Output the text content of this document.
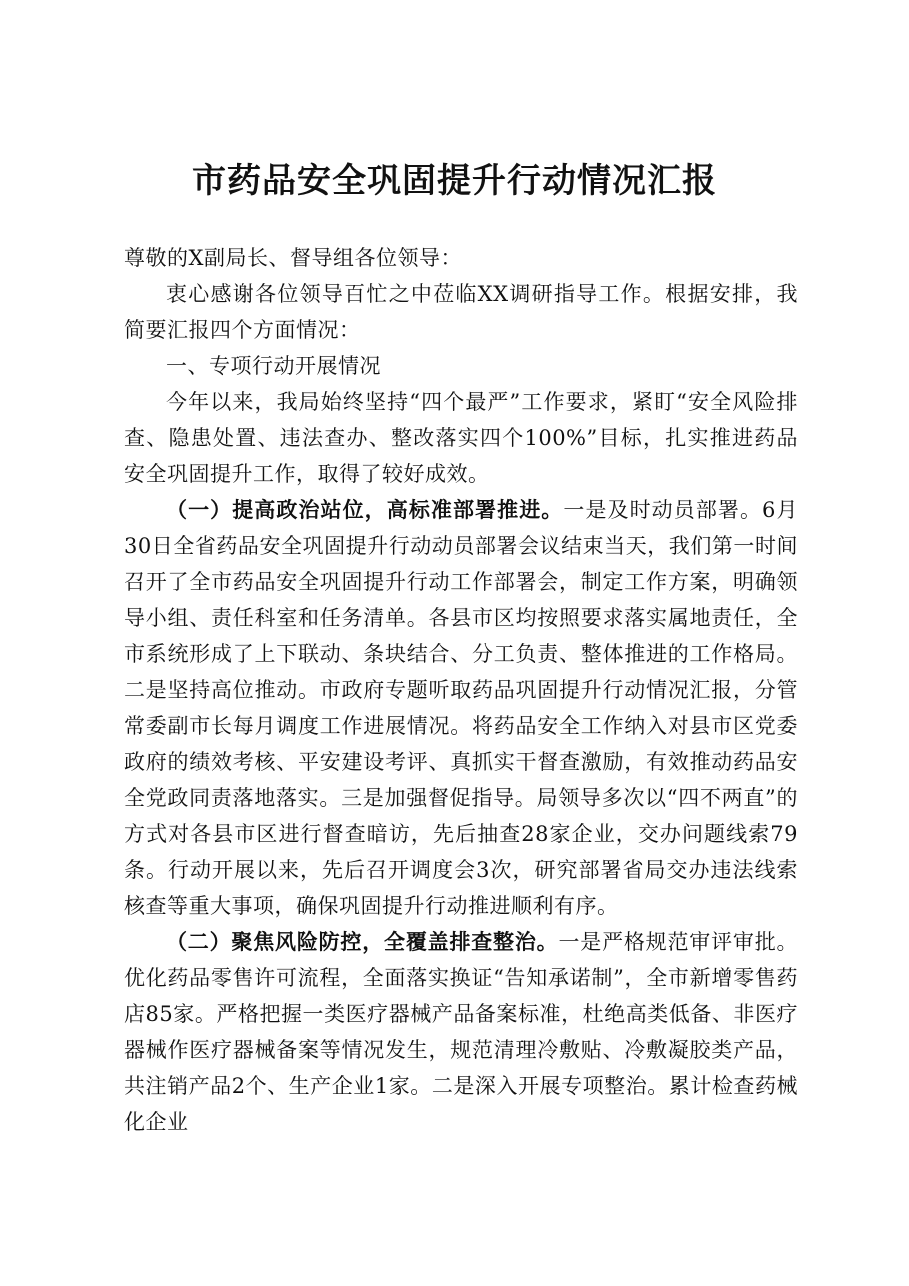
市药品安全巩固提升行动情况汇报

尊敬的X副局长、督导组各位领导：

衷心感谢各位领导百忙之中莅临XX调研指导工作。根据安排，我简要汇报四个方面情况：

一、专项行动开展情况

今年以来，我局始终坚持“四个最严”工作要求，紧盯“安全风险排查、隐患处置、违法查办、整改落实四个100%”目标，扎实推进药品安全巩固提升工作，取得了较好成效。

（一）提高政治站位，高标准部署推进。一是及时动员部署。6月30日全省药品安全巩固提升行动动员部署会议结束当天，我们第一时间召开了全市药品安全巩固提升行动工作部署会，制定工作方案，明确领导小组、责任科室和任务清单。各县市区均按照要求落实属地责任，全市系统形成了上下联动、条块结合、分工负责、整体推进的工作格局。二是坚持高位推动。市政府专题听取药品巩固提升行动情况汇报，分管常委副市长每月调度工作进展情况。将药品安全工作纳入对县市区党委政府的绩效考核、平安建设考评、真抓实干督查激励，有效推动药品安全党政同责落地落实。三是加强督促指导。局领导多次以“四不两直”的方式对各县市区进行督查暗访，先后抽查28家企业，交办问题线索79条。行动开展以来，先后召开调度会3次，研究部署省局交办违法线索核查等重大事项，确保巩固提升行动推进顺利有序。

（二）聚焦风险防控，全覆盖排查整治。一是严格规范审评审批。优化药品零售许可流程，全面落实换证“告知承诺制”，全市新增零售药店85家。严格把握一类医疗器械产品备案标准，杜绝高类低备、非医疗器械作医疗器械备案等情况发生，规范清理冷敷贴、冷敷凝胶类产品，共注销产品2个、生产企业1家。二是深入开展专项整治。累计检查药械化企业
